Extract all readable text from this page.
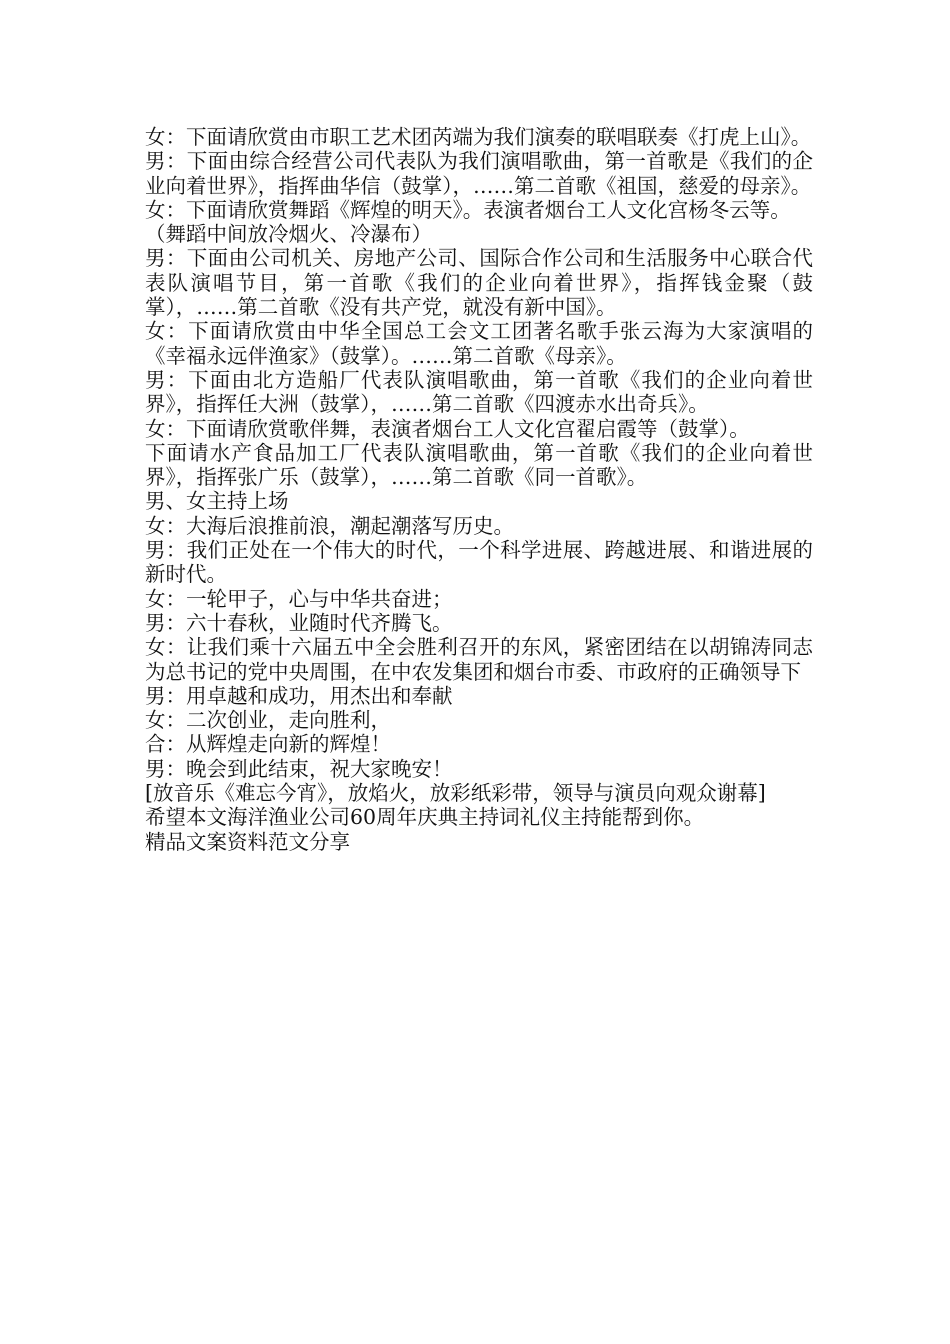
女：下面请欣赏由市职工艺术团芮端为我们演奏的联唱联奏《打虎上山》。

男：下面由综合经营公司代表队为我们演唱歌曲，第一首歌是《我们的企业向着世界》，指挥曲华信（鼓掌），……第二首歌《祖国，慈爱的母亲》。

女：下面请欣赏舞蹈《辉煌的明天》。表演者烟台工人文化宫杨冬云等。

（舞蹈中间放冷烟火、冷瀑布）

男：下面由公司机关、房地产公司、国际合作公司和生活服务中心联合代表队演唱节目，第一首歌《我们的企业向着世界》，指挥钱金聚（鼓掌），……第二首歌《没有共产党，就没有新中国》。

女：下面请欣赏由中华全国总工会文工团著名歌手张云海为大家演唱的《幸福永远伴渔家》（鼓掌）。……第二首歌《母亲》。

男：下面由北方造船厂代表队演唱歌曲，第一首歌《我们的企业向着世界》，指挥任大洲（鼓掌），……第二首歌《四渡赤水出奇兵》。

女：下面请欣赏歌伴舞，表演者烟台工人文化宫翟启霞等（鼓掌）。

下面请水产食品加工厂代表队演唱歌曲，第一首歌《我们的企业向着世界》，指挥张广乐（鼓掌），……第二首歌《同一首歌》。

男、女主持上场

女：大海后浪推前浪，潮起潮落写历史。

男：我们正处在一个伟大的时代，一个科学进展、跨越进展、和谐进展的新时代。

女：一轮甲子，心与中华共奋进；

男：六十春秋，业随时代齐腾飞。

女：让我们乘十六届五中全会胜利召开的东风，紧密团结在以胡锦涛同志为总书记的党中央周围，在中农发集团和烟台市委、市政府的正确领导下

男：用卓越和成功，用杰出和奉献

女：二次创业，走向胜利，

合：从辉煌走向新的辉煌！

男：晚会到此结束，祝大家晚安！

[放音乐《难忘今宵》，放焰火，放彩纸彩带，领导与演员向观众谢幕]

希望本文海洋渔业公司60周年庆典主持词礼仪主持能帮到你。

精品文案资料范文分享
